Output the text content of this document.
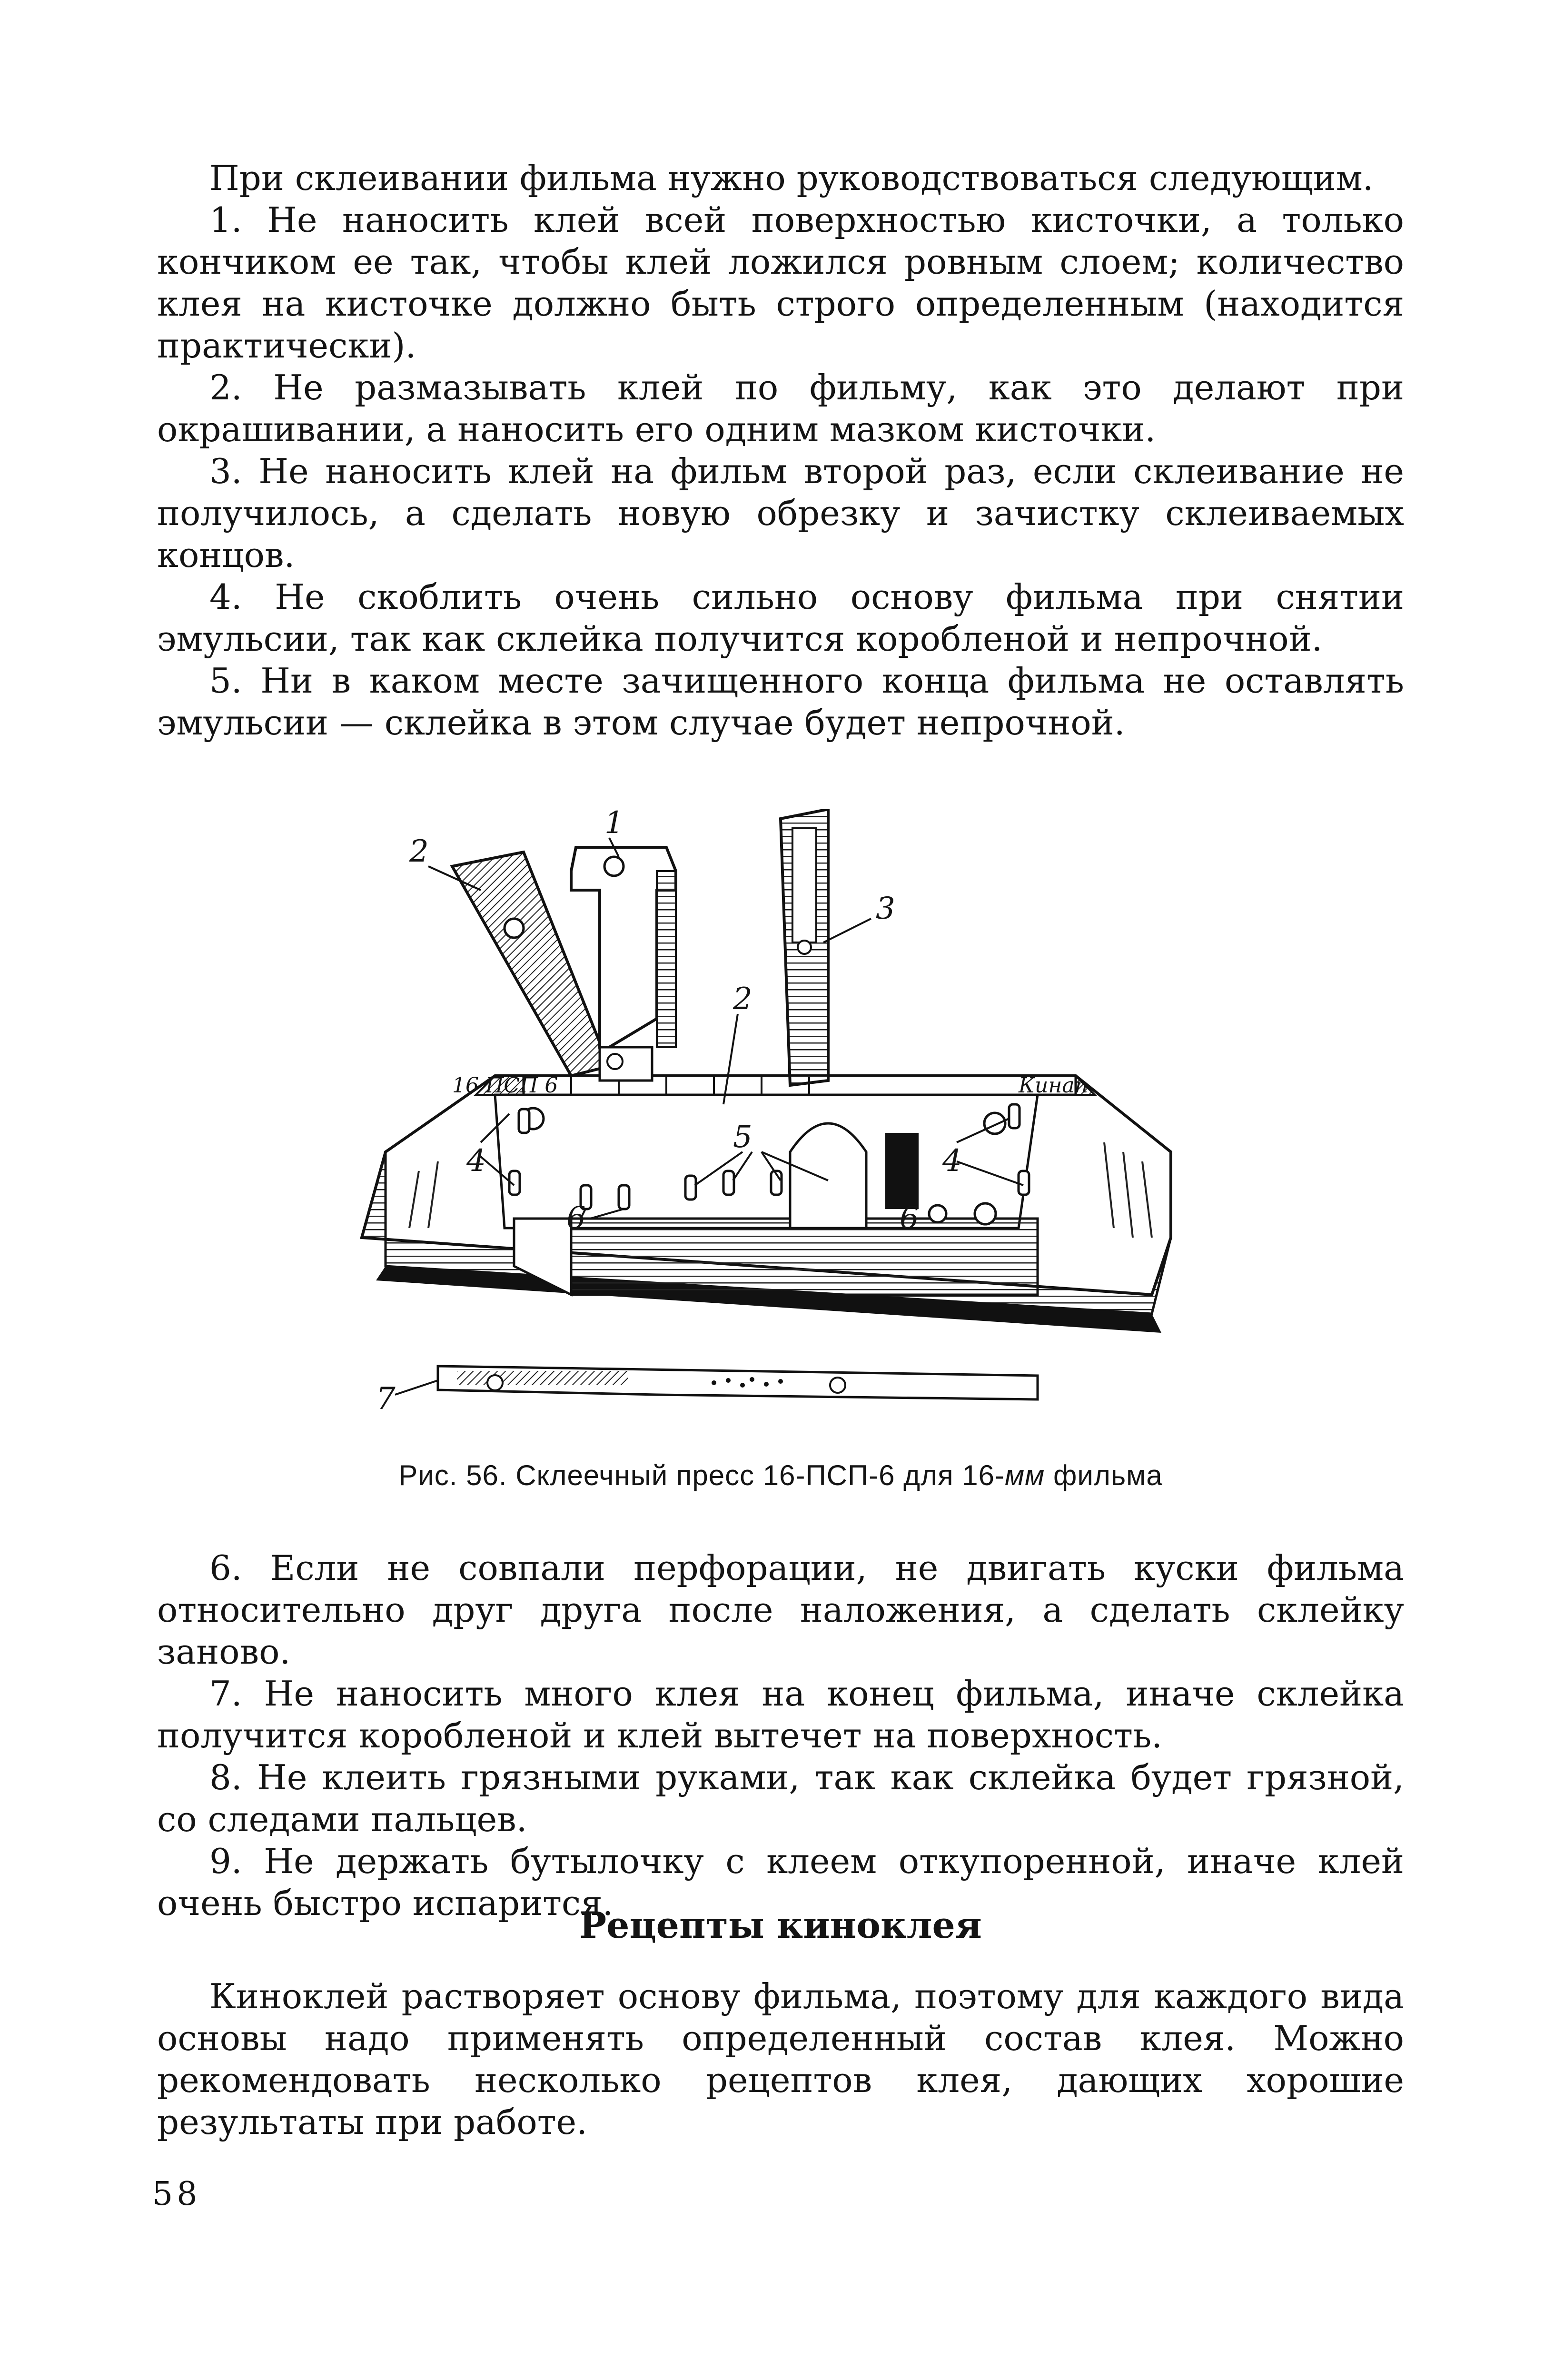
При склеивании фильма нужно руководствоваться следующим.

1. Не наносить клей всей поверхностью кисточки, а только кончиком ее так, чтобы клей ложился ровным слоем; количество клея на кисточке должно быть строго определенным (находится практически).

2. Не размазывать клей по фильму, как это делают при окрашивании, а наносить его одним мазком кисточки.

3. Не наносить клей на фильм второй раз, если склеивание не получилось, а сделать новую обрезку и зачистку склеиваемых концов.

4. Не скоблить очень сильно основу фильма при снятии эмульсии, так как склейка получится коробленой и непрочной.

5. Ни в каком месте зачищенного конца фильма не оставлять эмульсии — склейка в этом случае будет непрочной.

16 ПСП 6	Кинап
1
2
2
3
4	4
5
6	6
7
Рис. 56. Склеечный пресс 16-ПСП-6 для 16-мм фильма

6. Если не совпали перфорации, не двигать куски фильма относительно друг друга после наложения, а сделать склейку заново.

7. Не наносить много клея на конец фильма, иначе склейка получится коробленой и клей вытечет на поверхность.

8. Не клеить грязными руками, так как склейка будет грязной, со следами пальцев.

9. Не держать бутылочку с клеем откупоренной, иначе клей очень быстро испарится.

Рецепты киноклея

Киноклей растворяет основу фильма, поэтому для каждого вида основы надо применять определенный состав клея. Можно рекомендовать несколько рецептов клея, дающих хорошие результаты при работе.

58
